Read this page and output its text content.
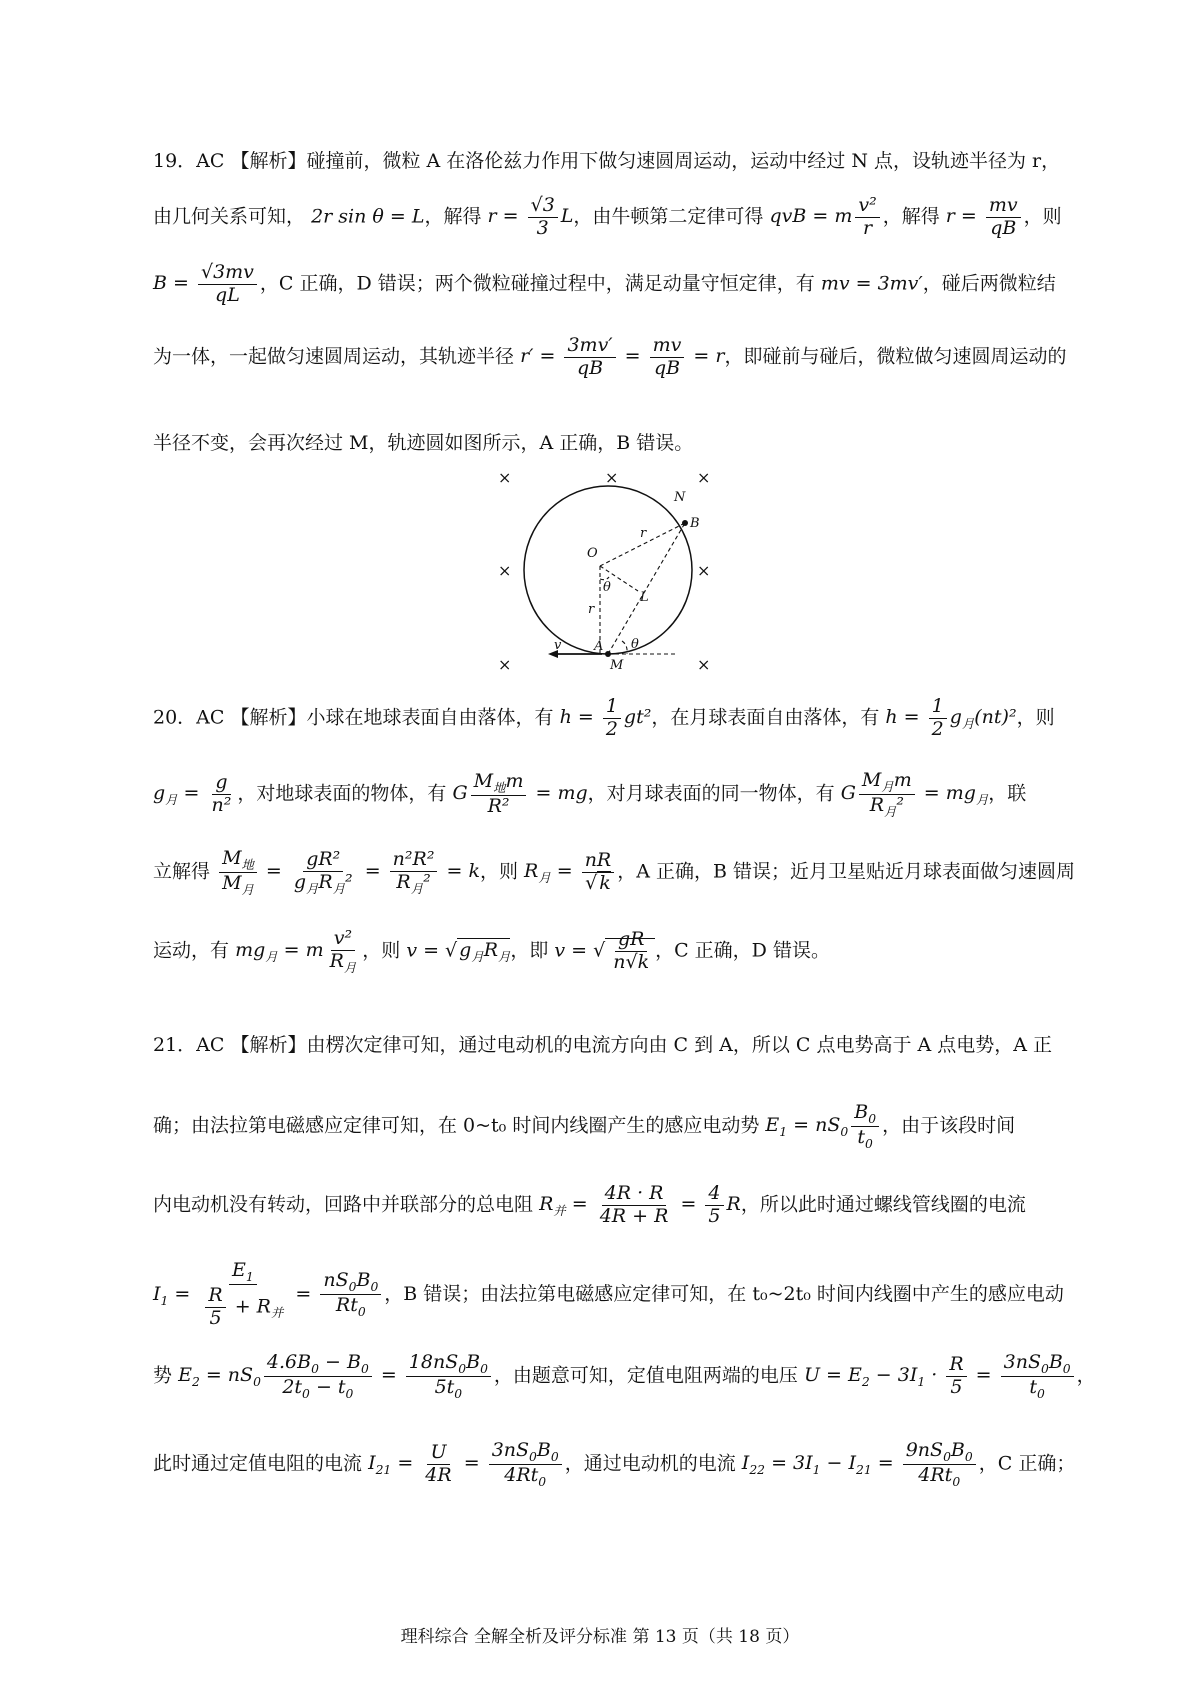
19．AC 【解析】碰撞前，微粒 A 在洛伦兹力作用下做匀速圆周运动，运动中经过 N 点，设轨迹半径为 r，
由几何关系可知， 2r sin θ = L，解得 $r = \frac{√3}{3}$ L，由牛顿第二定律可得 qvB = m $\frac{\text{v²}}{r}$ ，解得 $r = \frac{mv}{qB}$ ，则
$B = \frac{√3mv}{qL}$ ，C 正确，D 错误；两个微粒碰撞过程中，满足动量守恒定律，有 mv = 3mv′，碰后两微粒结
为一体，一起做匀速圆周运动，其轨迹半径 $r' = \frac{3mv'}{qB} = \frac{mv}{qB} = r$，即碰前与碰后，微粒做匀速圆周运动的
半径不变，会再次经过 M，轨迹圆如图所示，A 正确，B 错误。
×	×	×
×	×
×	×
N
B
O
r
r
θ
L
θ
A
M
v
20．AC 【解析】小球在地球表面自由落体，有 $h = \frac{1}{2} gt^2$，在月球表面自由落体，有 $h = \frac{1}{2} g_月(nt)^2$，则
$g_月 = \frac{g}{\text{n²}}$ ，对地球表面的物体，有 G $\frac{M_地m}{\text{R²}}$ = mg，对月球表面的同一物体，有 G $\frac{M_月m}{R_月^2} = mg_月$，联
立解得 $\frac{M_地}{M_月} = \frac{\text{gR²}}{g_月R_月^2} = \frac{\text{n²R²}}{R_月^2} = k$，则 $R_月 = \frac{nR}{√ k}$ ，A 正确，B 错误；近月卫星贴近月球表面做匀速圆周
运动，有 $mg_月 = m \frac{\text{v²}}{R_月}$ ，则 v = √ $g_月R_月$，即 v = √ $\frac{gR}{n√k}$ ，C 正确，D 错误。
21．AC 【解析】由楞次定律可知，通过电动机的电流方向由 C 到 A，所以 C 点电势高于 A 点电势，A 正
确；由法拉第电磁感应定律可知，在 0~t₀ 时间内线圈产生的感应电动势 $E_1 = nS_0 \frac{B_0}{t_0}$ ，由于该段时间
内电动机没有转动，回路中并联部分的总电阻 $R_并 = \frac{4R \cdot R}{4R + R} = \frac{4}{5}$ R，所以此时通过螺线管线圈的电流
$I_1 = \frac{E_1}{\frac{R}{5} + R_并} = \frac{nS_0B_0}{Rt_0}$ ，B 错误；由法拉第电磁感应定律可知，在 t₀~2t₀ 时间内线圈中产生的感应电动
势 $E_2 = nS_0 \frac{4.6B_0 - B_0}{2t_0 - t_0} = \frac{18nS_0B_0}{5t_0}$ ，由题意可知，定值电阻两端的电压 $U = E_2 - 3I_1 \cdot \frac{R}{5} = \frac{3nS_0B_0}{t_0}$ ，
此时通过定值电阻的电流 $I_{21} = \frac{U}{4R} = \frac{3nS_0B_0}{4Rt_0}$ ，通过电动机的电流 $I_{22} = 3I_1 - I_{21} = \frac{9nS_0B_0}{4Rt_0}$ ，C 正确；
理科综合 全解全析及评分标准 第 13 页（共 18 页）
